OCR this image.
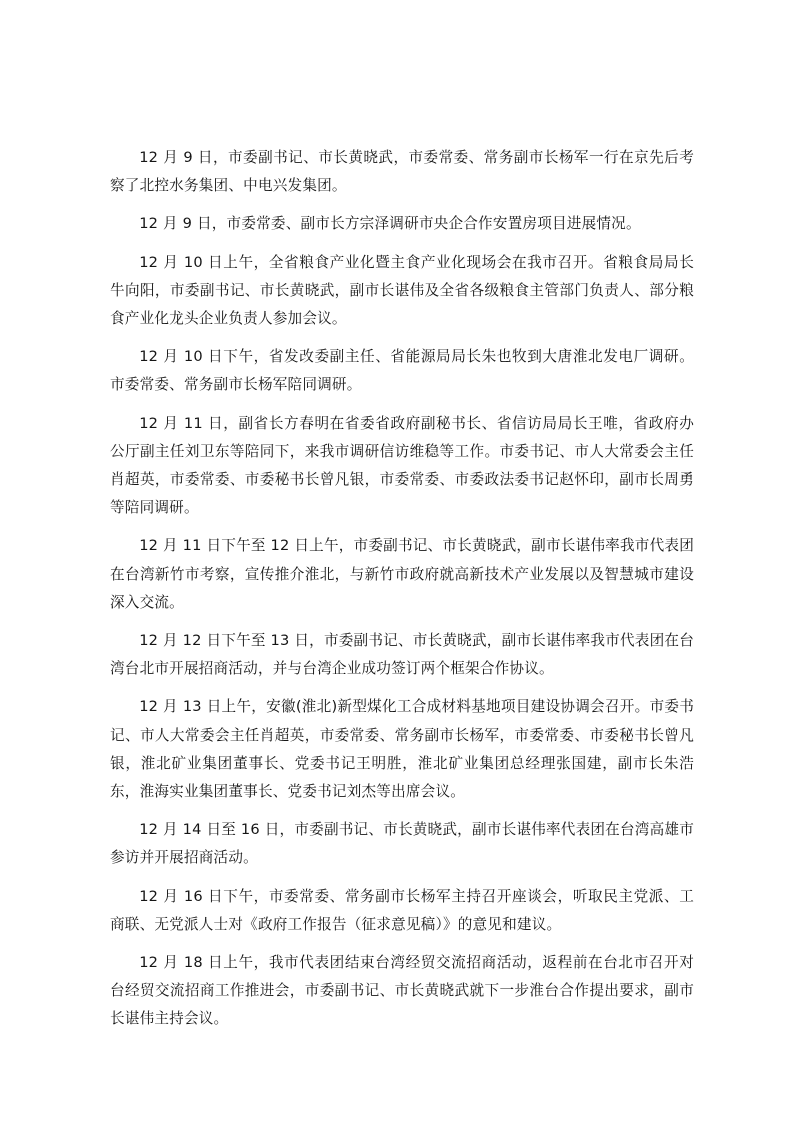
12 月 9 日，市委副书记、市长黄晓武，市委常委、常务副市长杨军一行在京先后考察了北控水务集团、中电兴发集团。

12 月 9 日，市委常委、副市长方宗泽调研市央企合作安置房项目进展情况。

12 月 10 日上午，全省粮食产业化暨主食产业化现场会在我市召开。省粮食局局长牛向阳，市委副书记、市长黄晓武，副市长谌伟及全省各级粮食主管部门负责人、部分粮食产业化龙头企业负责人参加会议。

12 月 10 日下午，省发改委副主任、省能源局局长朱也牧到大唐淮北发电厂调研。市委常委、常务副市长杨军陪同调研。

12 月 11 日，副省长方春明在省委省政府副秘书长、省信访局局长王唯，省政府办公厅副主任刘卫东等陪同下，来我市调研信访维稳等工作。市委书记、市人大常委会主任肖超英，市委常委、市委秘书长曾凡银，市委常委、市委政法委书记赵怀印，副市长周勇等陪同调研。

12 月 11 日下午至 12 日上午，市委副书记、市长黄晓武，副市长谌伟率我市代表团在台湾新竹市考察，宣传推介淮北，与新竹市政府就高新技术产业发展以及智慧城市建设深入交流。

12 月 12 日下午至 13 日，市委副书记、市长黄晓武，副市长谌伟率我市代表团在台湾台北市开展招商活动，并与台湾企业成功签订两个框架合作协议。

12 月 13 日上午，安徽(淮北)新型煤化工合成材料基地项目建设协调会召开。市委书记、市人大常委会主任肖超英，市委常委、常务副市长杨军，市委常委、市委秘书长曾凡银，淮北矿业集团董事长、党委书记王明胜，淮北矿业集团总经理张国建，副市长朱浩东，淮海实业集团董事长、党委书记刘杰等出席会议。

12 月 14 日至 16 日，市委副书记、市长黄晓武，副市长谌伟率代表团在台湾高雄市参访并开展招商活动。

12 月 16 日下午，市委常委、常务副市长杨军主持召开座谈会，听取民主党派、工商联、无党派人士对《政府工作报告（征求意见稿）》的意见和建议。

12 月 18 日上午，我市代表团结束台湾经贸交流招商活动，返程前在台北市召开对台经贸交流招商工作推进会，市委副书记、市长黄晓武就下一步淮台合作提出要求，副市长谌伟主持会议。
